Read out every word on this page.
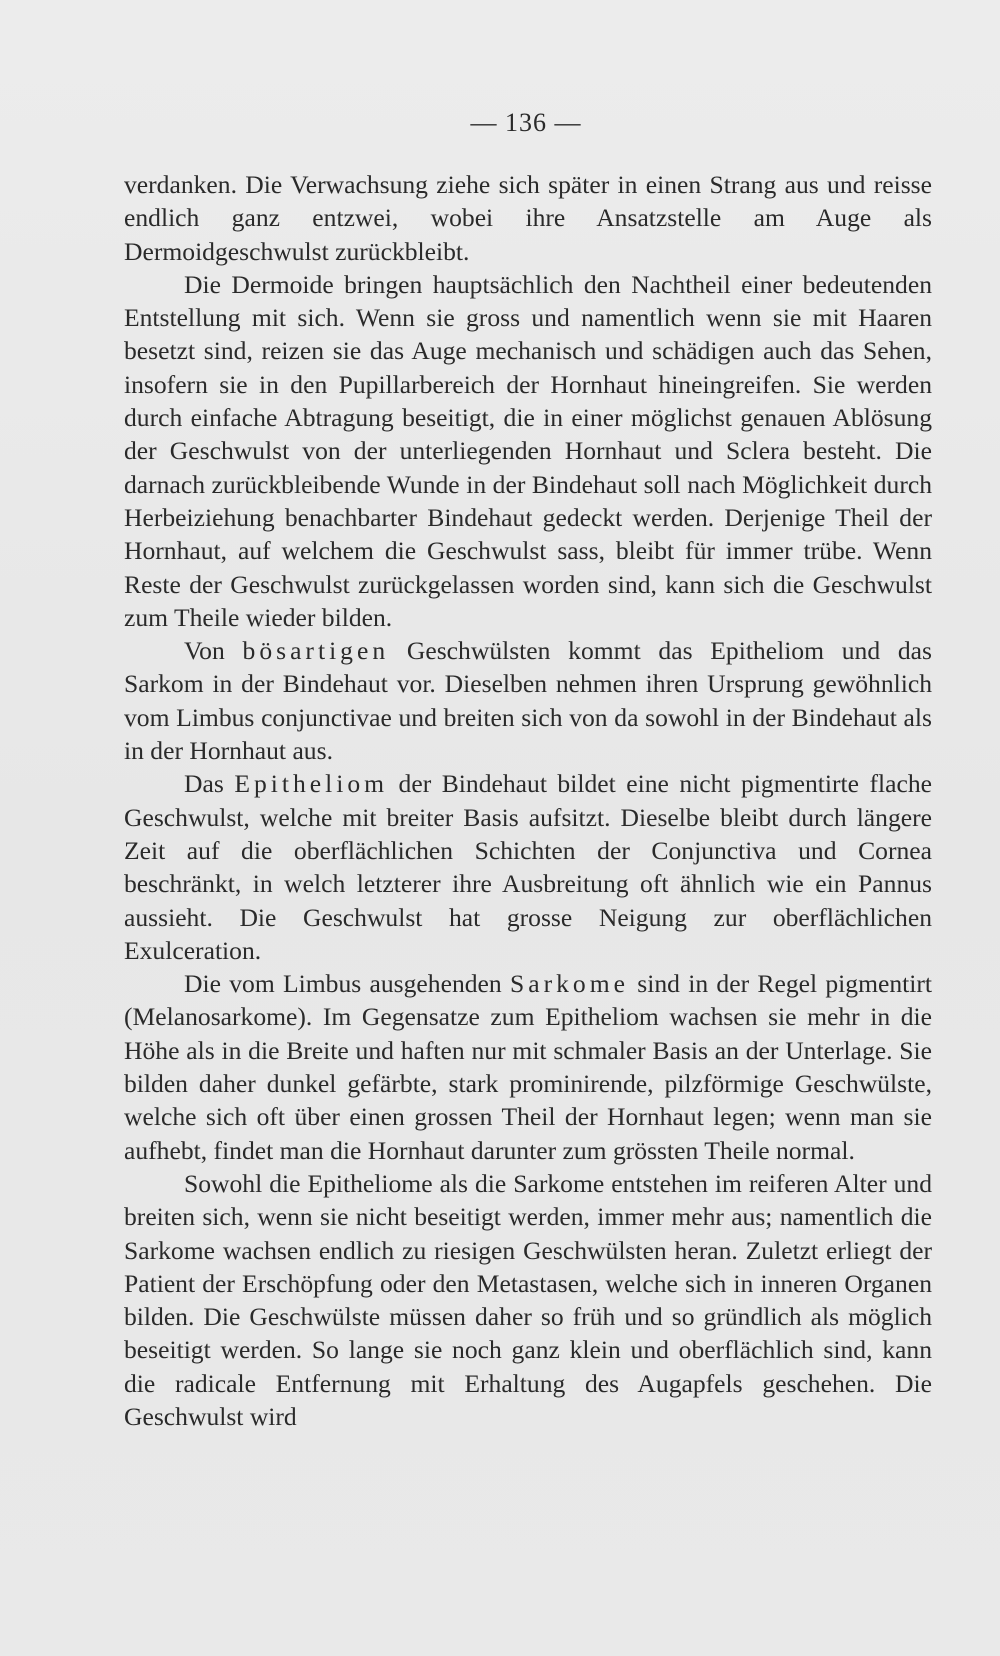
— 136 —

verdanken. Die Verwachsung ziehe sich später in einen Strang aus und reisse endlich ganz entzwei, wobei ihre Ansatzstelle am Auge als Dermoidgeschwulst zurückbleibt.

Die Dermoide bringen hauptsächlich den Nachtheil einer bedeutenden Entstellung mit sich. Wenn sie gross und namentlich wenn sie mit Haaren besetzt sind, reizen sie das Auge mechanisch und schädigen auch das Sehen, insofern sie in den Pupillarbereich der Hornhaut hineingreifen. Sie werden durch einfache Abtragung beseitigt, die in einer möglichst genauen Ablösung der Geschwulst von der unterliegenden Hornhaut und Sclera besteht. Die darnach zurückbleibende Wunde in der Bindehaut soll nach Möglichkeit durch Herbeiziehung benachbarter Bindehaut gedeckt werden. Derjenige Theil der Hornhaut, auf welchem die Geschwulst sass, bleibt für immer trübe. Wenn Reste der Geschwulst zurückgelassen worden sind, kann sich die Geschwulst zum Theile wieder bilden.

Von bösartigen Geschwülsten kommt das Epitheliom und das Sarkom in der Bindehaut vor. Dieselben nehmen ihren Ursprung gewöhnlich vom Limbus conjunctivae und breiten sich von da sowohl in der Bindehaut als in der Hornhaut aus.

Das Epitheliom der Bindehaut bildet eine nicht pigmentirte flache Geschwulst, welche mit breiter Basis aufsitzt. Dieselbe bleibt durch längere Zeit auf die oberflächlichen Schichten der Conjunctiva und Cornea beschränkt, in welch letzterer ihre Ausbreitung oft ähnlich wie ein Pannus aussieht. Die Geschwulst hat grosse Neigung zur oberflächlichen Exulceration.

Die vom Limbus ausgehenden Sarkome sind in der Regel pigmentirt (Melanosarkome). Im Gegensatze zum Epitheliom wachsen sie mehr in die Höhe als in die Breite und haften nur mit schmaler Basis an der Unterlage. Sie bilden daher dunkel gefärbte, stark prominirende, pilzförmige Geschwülste, welche sich oft über einen grossen Theil der Hornhaut legen; wenn man sie aufhebt, findet man die Hornhaut darunter zum grössten Theile normal.

Sowohl die Epitheliome als die Sarkome entstehen im reiferen Alter und breiten sich, wenn sie nicht beseitigt werden, immer mehr aus; namentlich die Sarkome wachsen endlich zu riesigen Geschwülsten heran. Zuletzt erliegt der Patient der Erschöpfung oder den Metastasen, welche sich in inneren Organen bilden. Die Geschwülste müssen daher so früh und so gründlich als möglich beseitigt werden. So lange sie noch ganz klein und oberflächlich sind, kann die radicale Entfernung mit Erhaltung des Augapfels geschehen. Die Geschwulst wird
